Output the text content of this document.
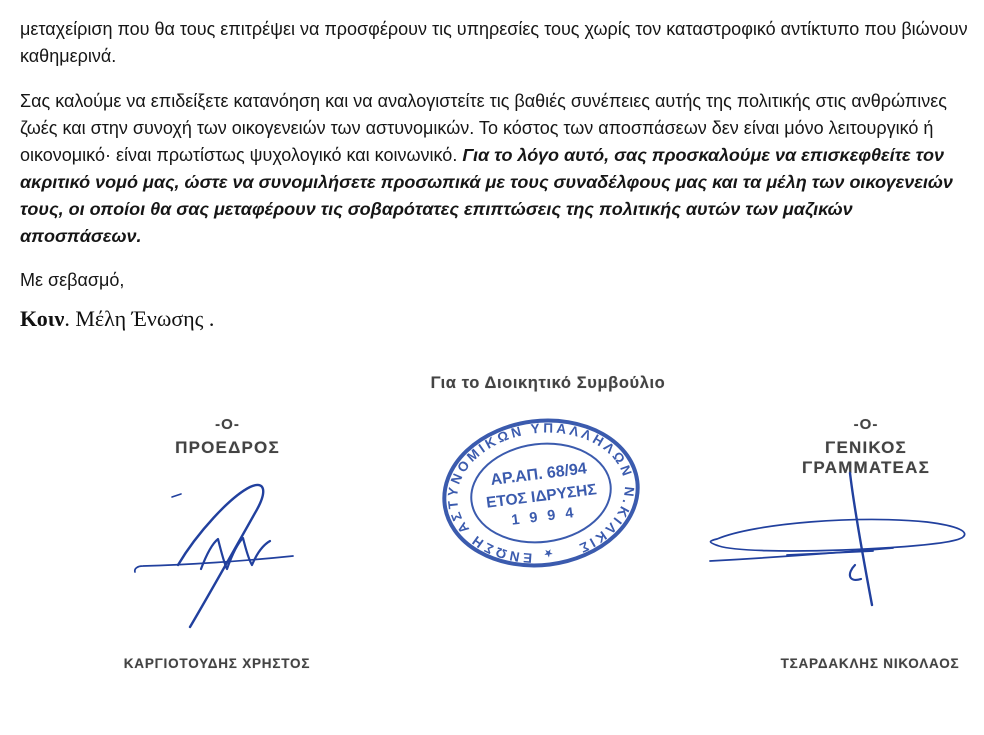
μεταχείριση που θα τους επιτρέψει να προσφέρουν τις υπηρεσίες τους χωρίς τον καταστροφικό αντίκτυπο που βιώνουν καθημερινά.

Σας καλούμε να επιδείξετε κατανόηση και να αναλογιστείτε τις βαθιές συνέπειες αυτής της πολιτικής στις ανθρώπινες ζωές και στην συνοχή των οικογενειών των αστυνομικών. Το κόστος των αποσπάσεων δεν είναι μόνο λειτουργικό ή οικονομικό· είναι πρωτίστως ψυχολογικό και κοινωνικό. Για το λόγο αυτό, σας προσκαλούμε να επισκεφθείτε τον ακριτικό νομό μας, ώστε να συνομιλήσετε προσωπικά με τους συναδέλφους μας και τα μέλη των οικογενειών τους, οι οποίοι θα σας μεταφέρουν τις σοβαρότατες επιπτώσεις της πολιτικής αυτών των μαζικών αποσπάσεων.

Με σεβασμό,

Κοιν. Μέλη Ένωσης .

Για το Διοικητικό Συμβούλιο
-Ο-
ΠΡΟΕΔΡΟΣ
-Ο-
ΓΕΝΙΚΟΣ ΓΡΑΜΜΑΤΕΑΣ
ΕΝΩΣΗ ΑΣΤΥΝΟΜΙΚΩΝ ΥΠΑΛΛΗΛΩΝ Ν.ΚΙΛΚΙΣ
★
ΑΡ.ΑΠ. 68/94
ΕΤΟΣ ΙΔΡΥΣΗΣ
1 9 9 4
ΚΑΡΓΙΟΤΟΥΔΗΣ ΧΡΗΣΤΟΣ	ΤΣΑΡΔΑΚΛΗΣ ΝΙΚΟΛΑΟΣ
